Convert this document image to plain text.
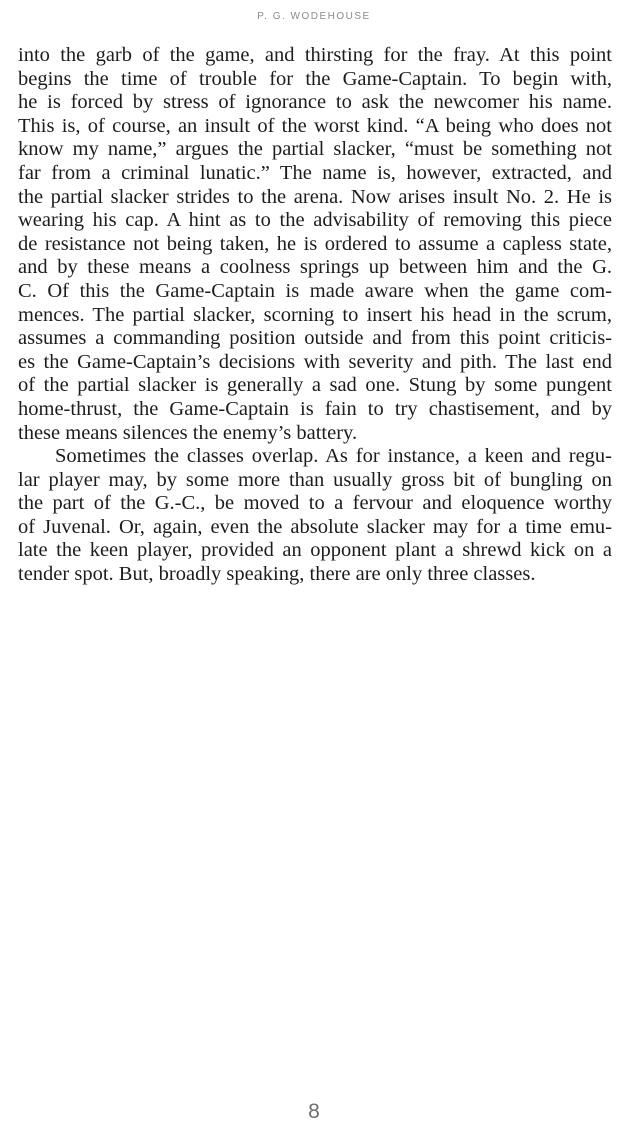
P. G. WODEHOUSE
into the garb of the game, and thirsting for the fray. At this point
begins the time of trouble for the Game-Captain. To begin with,
he is forced by stress of ignorance to ask the newcomer his name.
This is, of course, an insult of the worst kind. “A being who does not
know my name,” argues the partial slacker, “must be something not
far from a criminal lunatic.” The name is, however, extracted, and
the partial slacker strides to the arena. Now arises insult No. 2. He is
wearing his cap. A hint as to the advisability of removing this piece
de resistance not being taken, he is ordered to assume a capless state,
and by these means a coolness springs up between him and the G.
C. Of this the Game-Captain is made aware when the game com-
mences. The partial slacker, scorning to insert his head in the scrum,
assumes a commanding position outside and from this point criticis-
es the Game-Captain’s decisions with severity and pith. The last end
of the partial slacker is generally a sad one. Stung by some pungent
home-thrust, the Game-Captain is fain to try chastisement, and by
these means silences the enemy’s battery.
Sometimes the classes overlap. As for instance, a keen and regu-
lar player may, by some more than usually gross bit of bungling on
the part of the G.-C., be moved to a fervour and eloquence worthy
of Juvenal. Or, again, even the absolute slacker may for a time emu-
late the keen player, provided an opponent plant a shrewd kick on a
tender spot. But, broadly speaking, there are only three classes.
8
